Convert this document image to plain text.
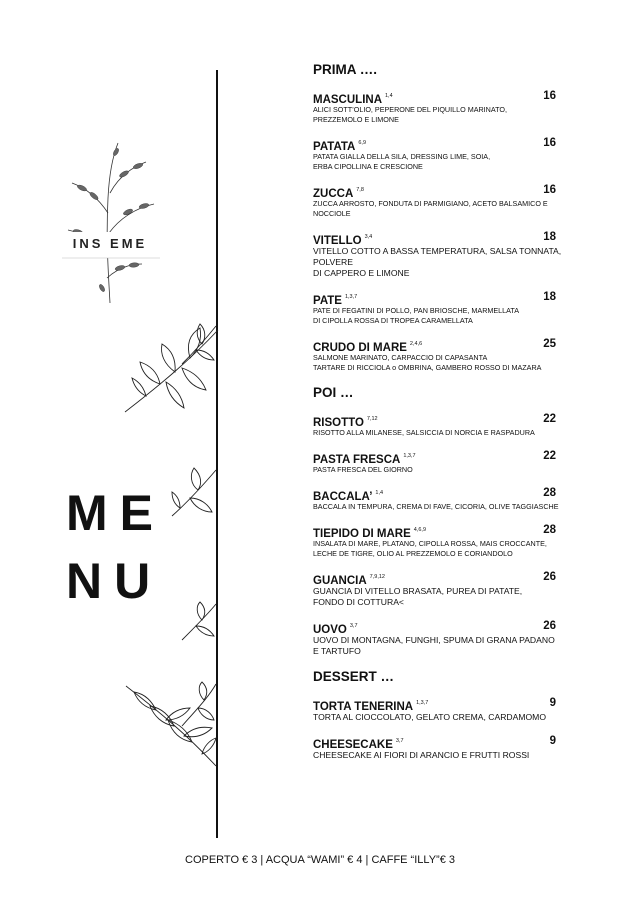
INS EME
ME
NU
PRIMA ….
MASCULINA $^{1,4}$	16
ALICI SOTT’OLIO, PEPERONE DEL PIQUILLO MARINATO,
PREZZEMOLO E LIMONE
PATATA $^{6,9}$	16
PATATA GIALLA DELLA SILA, DRESSING LIME, SOIA,
ERBA CIPOLLINA E CRESCIONE
ZUCCA $^{7,8}$	16
ZUCCA ARROSTO, FONDUTA DI PARMIGIANO, ACETO BALSAMICO E
NOCCIOLE
VITELLO $^{3,4}$	18
VITELLO COTTO A BASSA TEMPERATURA, SALSA TONNATA, POLVERE
DI CAPPERO E LIMONE
PATE $^{1,3,7}$	18
PATE DI FEGATINI DI POLLO, PAN BRIOSCHE, MARMELLATA
DI CIPOLLA ROSSA DI TROPEA CARAMELLATA
CRUDO DI MARE $^{2,4,6}$	25
SALMONE MARINATO, CARPACCIO DI CAPASANTA
TARTARE DI RICCIOLA o OMBRINA, GAMBERO ROSSO DI MAZARA
POI …
RISOTTO $^{7,12}$	22
RISOTTO ALLA MILANESE, SALSICCIA DI NORCIA E RASPADURA
PASTA FRESCA $^{1,3,7}$	22
PASTA FRESCA DEL GIORNO
BACCALA’ $^{1,4}$	28
BACCALA IN TEMPURA, CREMA DI FAVE, CICORIA, OLIVE TAGGIASCHE
TIEPIDO DI MARE $^{4,6,9}$	28
INSALATA DI MARE, PLATANO, CIPOLLA ROSSA, MAIS CROCCANTE,
LECHE DE TIGRE, OLIO AL PREZZEMOLO E CORIANDOLO
GUANCIA $^{7,9,12}$	26
GUANCIA DI VITELLO BRASATA, PUREA DI PATATE,
FONDO DI COTTURA<
UOVO $^{3,7}$	26
UOVO DI MONTAGNA, FUNGHI, SPUMA DI GRANA PADANO
E TARTUFO
DESSERT …
TORTA TENERINA $^{1,3,7}$	9
TORTA AL CIOCCOLATO, GELATO CREMA, CARDAMOMO
CHEESECAKE $^{3,7}$	9
CHEESECAKE AI FIORI DI ARANCIO E FRUTTI ROSSI
COPERTO € 3 | ACQUA “WAMI” € 4 | CAFFE “ILLY”€ 3
